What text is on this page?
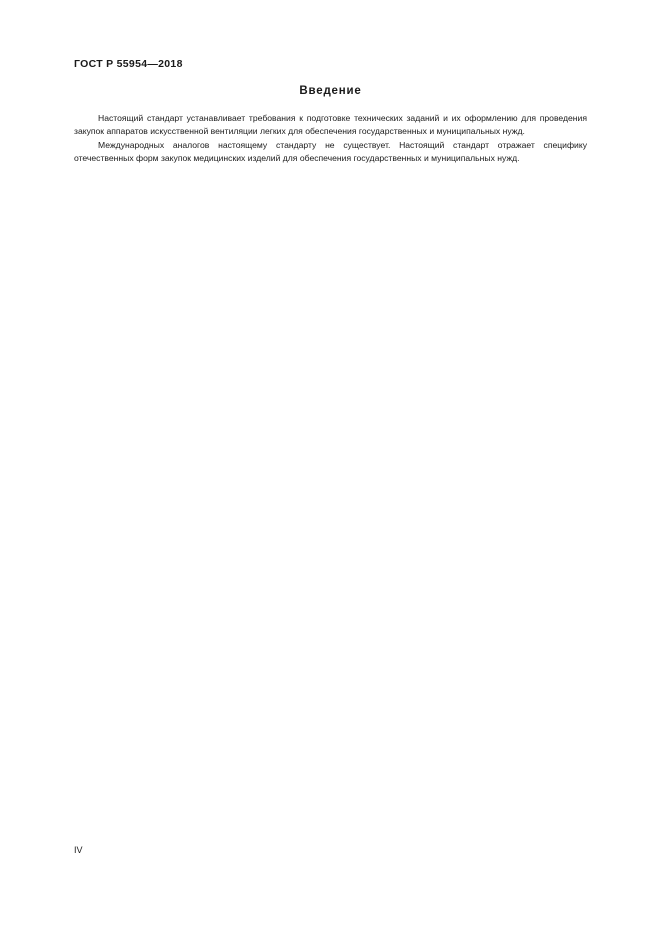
ГОСТ Р 55954—2018
Введение

Настоящий стандарт устанавливает требования к подготовке технических заданий и их оформлению для проведения закупок аппаратов искусственной вентиляции легких для обеспечения государственных и муниципальных нужд.

Международных аналогов настоящему стандарту не существует. Настоящий стандарт отражает специфику отечественных форм закупок медицинских изделий для обеспечения государственных и муниципальных нужд.

IV
